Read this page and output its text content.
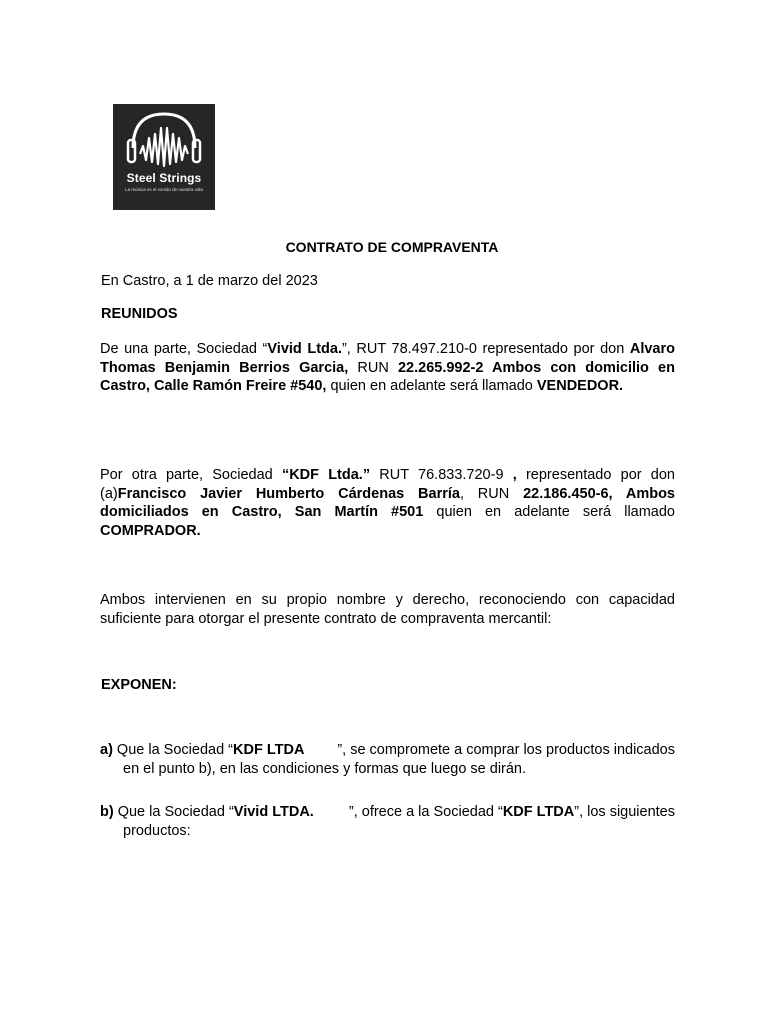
Steel Strings
La música es el sonido de nuestra vida
CONTRATO DE COMPRAVENTA
En Castro, a 1 de marzo del 2023
REUNIDOS
De una parte, Sociedad “Vivid Ltda.”, RUT 78.497.210-0 representado por don Alvaro Thomas Benjamin Berrios Garcia, RUN 22.265.992-2 Ambos con domicilio en Castro, Calle Ramón Freire #540, quien en adelante será llamado VENDEDOR.
Por otra parte, Sociedad “KDF Ltda.” RUT 76.833.720-9 , representado por don (a)Francisco Javier Humberto Cárdenas Barría, RUN 22.186.450-6, Ambos domiciliados en Castro, San Martín #501 quien en adelante será llamado COMPRADOR.
Ambos intervienen en su propio nombre y derecho, reconociendo con capacidad suficiente para otorgar el presente contrato de compraventa mercantil:
EXPONEN:
a) Que la Sociedad “KDF LTDA ”, se compromete a comprar los productos indicados
en el punto b), en las condiciones y formas que luego se dirán.
b) Que la Sociedad “Vivid LTDA. ”, ofrece a la Sociedad “KDF LTDA”, los siguientes
productos:
